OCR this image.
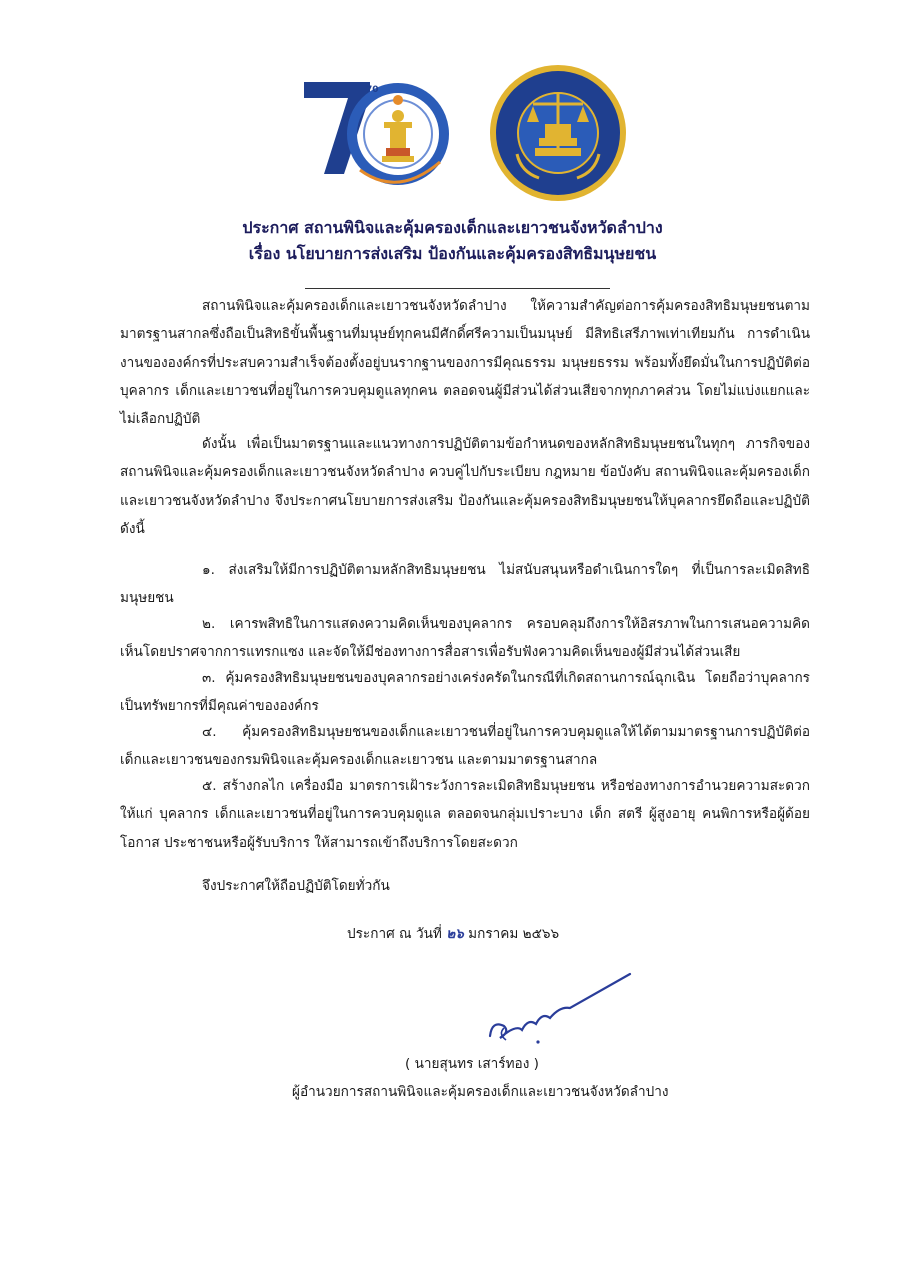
70
ประกาศ สถานพินิจและคุ้มครองเด็กและเยาวชนจังหวัดลำปาง
เรื่อง นโยบายการส่งเสริม ป้องกันและคุ้มครองสิทธิมนุษยชน
สถานพินิจและคุ้มครองเด็กและเยาวชนจังหวัดลำปาง ให้ความสำคัญต่อการคุ้มครองสิทธิมนุษยชนตามมาตรฐานสากลซึ่งถือเป็นสิทธิขั้นพื้นฐานที่มนุษย์ทุกคนมีศักดิ์ศรีความเป็นมนุษย์ มีสิทธิเสรีภาพเท่าเทียมกัน การดำเนินงานขององค์กรที่ประสบความสำเร็จต้องตั้งอยู่บนรากฐานของการมีคุณธรรม มนุษยธรรม พร้อมทั้งยึดมั่นในการปฏิบัติต่อบุคลากร เด็กและเยาวชนที่อยู่ในการควบคุมดูแลทุกคน ตลอดจนผู้มีส่วนได้ส่วนเสียจากทุกภาคส่วน โดยไม่แบ่งแยกและไม่เลือกปฏิบัติ
ดังนั้น เพื่อเป็นมาตรฐานและแนวทางการปฏิบัติตามข้อกำหนดของหลักสิทธิมนุษยชนในทุกๆ ภารกิจของสถานพินิจและคุ้มครองเด็กและเยาวชนจังหวัดลำปาง ควบคู่ไปกับระเบียบ กฎหมาย ข้อบังคับ สถานพินิจและคุ้มครองเด็กและเยาวชนจังหวัดลำปาง จึงประกาศนโยบายการส่งเสริม ป้องกันและคุ้มครองสิทธิมนุษยชนให้บุคลากรยึดถือและปฏิบัติ ดังนี้
๑. ส่งเสริมให้มีการปฏิบัติตามหลักสิทธิมนุษยชน ไม่สนับสนุนหรือดำเนินการใดๆ ที่เป็นการละเมิดสิทธิมนุษยชน
๒. เคารพสิทธิในการแสดงความคิดเห็นของบุคลากร ครอบคลุมถึงการให้อิสรภาพในการเสนอความคิดเห็นโดยปราศจากการแทรกแซง และจัดให้มีช่องทางการสื่อสารเพื่อรับฟังความคิดเห็นของผู้มีส่วนได้ส่วนเสีย
๓. คุ้มครองสิทธิมนุษยชนของบุคลากรอย่างเคร่งครัดในกรณีที่เกิดสถานการณ์ฉุกเฉิน โดยถือว่าบุคลากรเป็นทรัพยากรที่มีคุณค่าขององค์กร
๔. คุ้มครองสิทธิมนุษยชนของเด็กและเยาวชนที่อยู่ในการควบคุมดูแลให้ได้ตามมาตรฐานการปฏิบัติต่อเด็กและเยาวชนของกรมพินิจและคุ้มครองเด็กและเยาวชน และตามมาตรฐานสากล
๕. สร้างกลไก เครื่องมือ มาตรการเฝ้าระวังการละเมิดสิทธิมนุษยชน หรือช่องทางการอำนวยความสะดวกให้แก่ บุคลากร เด็กและเยาวชนที่อยู่ในการควบคุมดูแล ตลอดจนกลุ่มเปราะบาง เด็ก สตรี ผู้สูงอายุ คนพิการหรือผู้ด้อยโอกาส ประชาชนหรือผู้รับบริการ ให้สามารถเข้าถึงบริการโดยสะดวก
จึงประกาศให้ถือปฏิบัติโดยทั่วกัน
ประกาศ ณ วันที่ ๒๖ มกราคม ๒๕๖๖
( นายสุนทร เสาร์ทอง )
ผู้อำนวยการสถานพินิจและคุ้มครองเด็กและเยาวชนจังหวัดลำปาง
